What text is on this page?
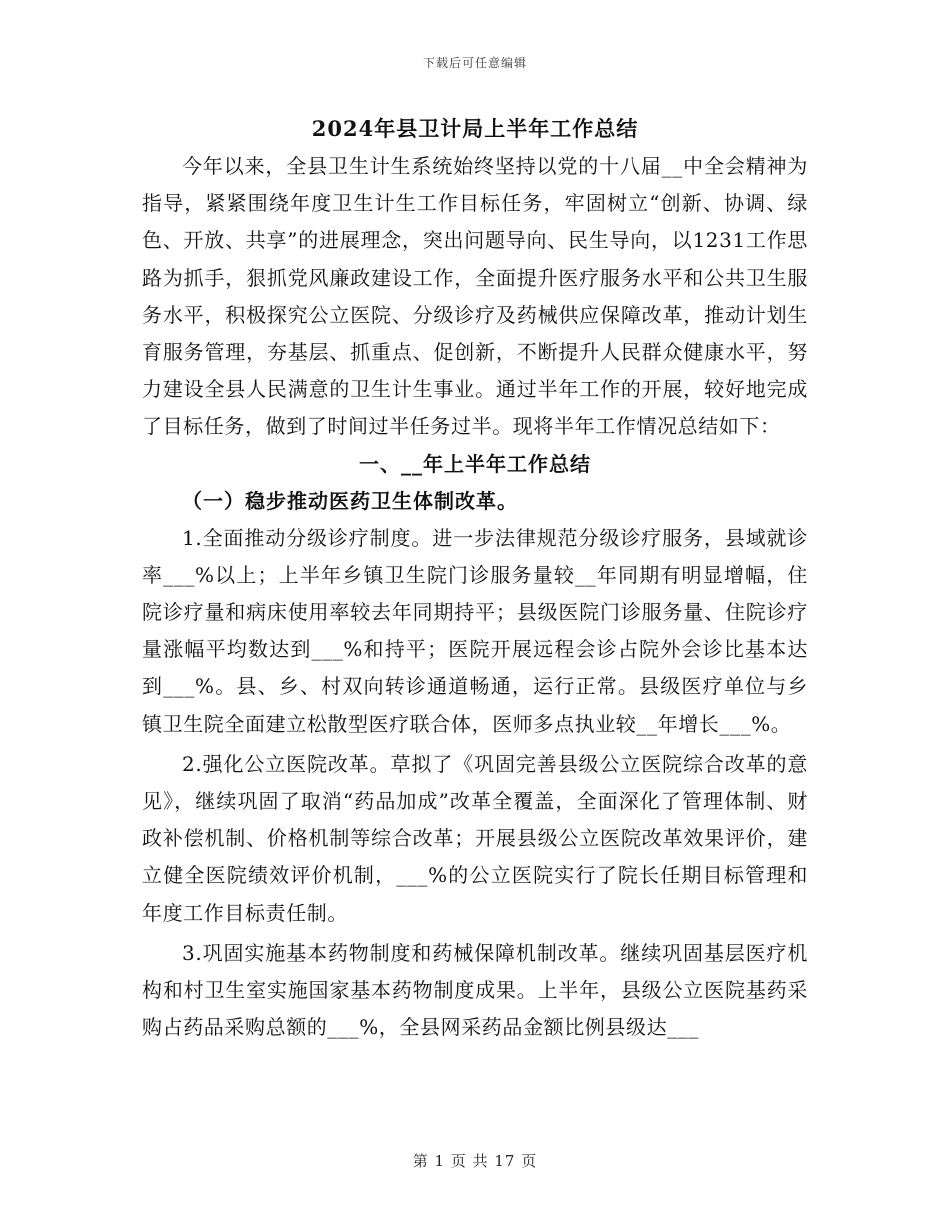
下载后可任意编辑
2024年县卫计局上半年工作总结

今年以来，全县卫生计生系统始终坚持以党的十八届__中全会精神为指导，紧紧围绕年度卫生计生工作目标任务，牢固树立“创新、协调、绿色、开放、共享”的进展理念，突出问题导向、民生导向，以1231工作思路为抓手，狠抓党风廉政建设工作，全面提升医疗服务水平和公共卫生服务水平，积极探究公立医院、分级诊疗及药械供应保障改革，推动计划生育服务管理，夯基层、抓重点、促创新，不断提升人民群众健康水平，努力建设全县人民满意的卫生计生事业。通过半年工作的开展，较好地完成了目标任务，做到了时间过半任务过半。现将半年工作情况总结如下：

一、__年上半年工作总结
（一）稳步推动医药卫生体制改革。

1.全面推动分级诊疗制度。进一步法律规范分级诊疗服务，县域就诊率___%以上；上半年乡镇卫生院门诊服务量较__年同期有明显增幅，住院诊疗量和病床使用率较去年同期持平；县级医院门诊服务量、住院诊疗量涨幅平均数达到___%和持平；医院开展远程会诊占院外会诊比基本达到___%。县、乡、村双向转诊通道畅通，运行正常。县级医疗单位与乡镇卫生院全面建立松散型医疗联合体，医师多点执业较__年增长___%。

2.强化公立医院改革。草拟了《巩固完善县级公立医院综合改革的意见》，继续巩固了取消“药品加成”改革全覆盖，全面深化了管理体制、财政补偿机制、价格机制等综合改革；开展县级公立医院改革效果评价，建立健全医院绩效评价机制，___%的公立医院实行了院长任期目标管理和年度工作目标责任制。

3.巩固实施基本药物制度和药械保障机制改革。继续巩固基层医疗机构和村卫生室实施国家基本药物制度成果。上半年，县级公立医院基药采购占药品采购总额的___%，全县网采药品金额比例县级达___

第 1 页 共 17 页
